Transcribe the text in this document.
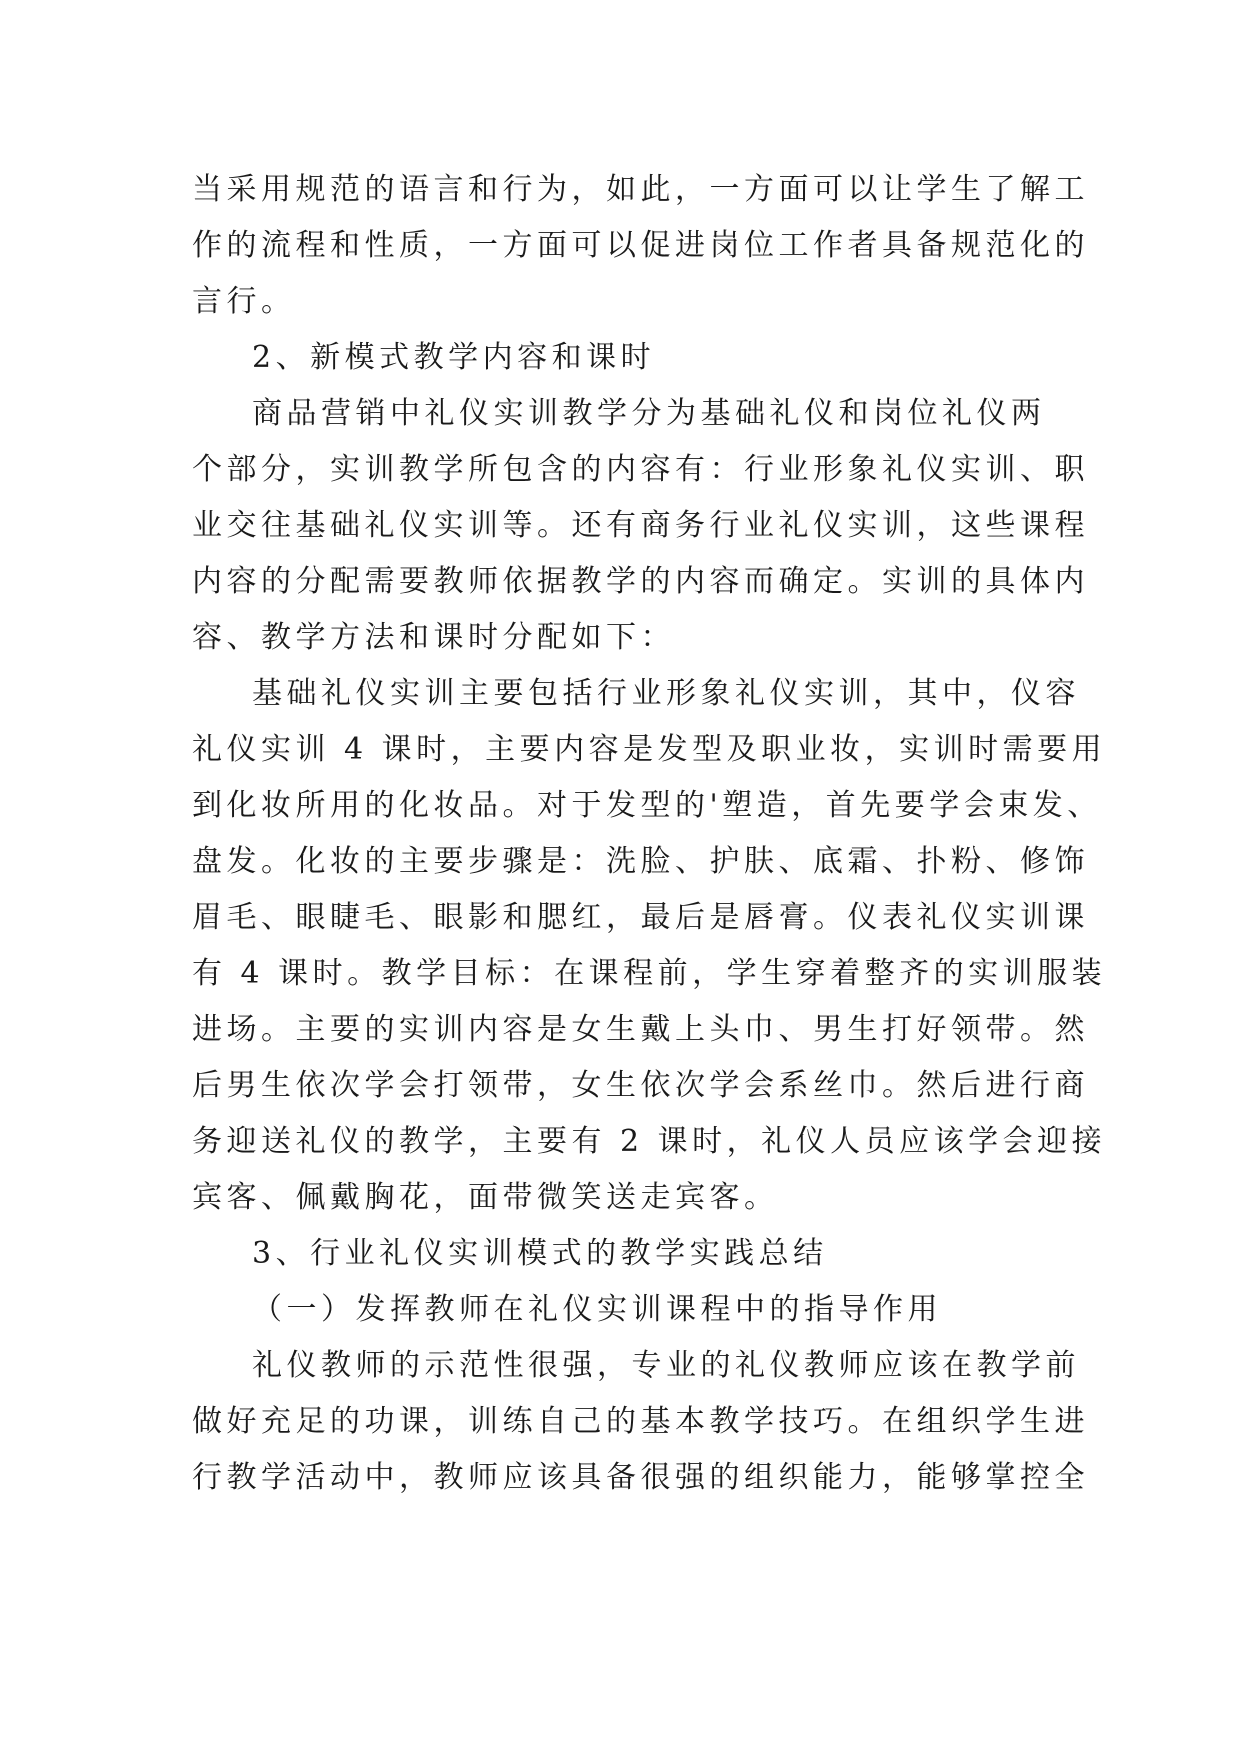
当采用规范的语言和行为，如此，一方面可以让学生了解工
作的流程和性质，一方面可以促进岗位工作者具备规范化的
言行。
2、新模式教学内容和课时
商品营销中礼仪实训教学分为基础礼仪和岗位礼仪两
个部分，实训教学所包含的内容有：行业形象礼仪实训、职
业交往基础礼仪实训等。还有商务行业礼仪实训，这些课程
内容的分配需要教师依据教学的内容而确定。实训的具体内
容、教学方法和课时分配如下：
基础礼仪实训主要包括行业形象礼仪实训，其中，仪容
礼仪实训 4 课时，主要内容是发型及职业妆，实训时需要用
到化妆所用的化妆品。对于发型的'塑造，首先要学会束发、
盘发。化妆的主要步骤是：洗脸、护肤、底霜、扑粉、修饰
眉毛、眼睫毛、眼影和腮红，最后是唇膏。仪表礼仪实训课
有 4 课时。教学目标：在课程前，学生穿着整齐的实训服装
进场。主要的实训内容是女生戴上头巾、男生打好领带。然
后男生依次学会打领带，女生依次学会系丝巾。然后进行商
务迎送礼仪的教学，主要有 2 课时，礼仪人员应该学会迎接
宾客、佩戴胸花，面带微笑送走宾客。
3、行业礼仪实训模式的教学实践总结
（一）发挥教师在礼仪实训课程中的指导作用
礼仪教师的示范性很强，专业的礼仪教师应该在教学前
做好充足的功课，训练自己的基本教学技巧。在组织学生进
行教学活动中，教师应该具备很强的组织能力，能够掌控全
